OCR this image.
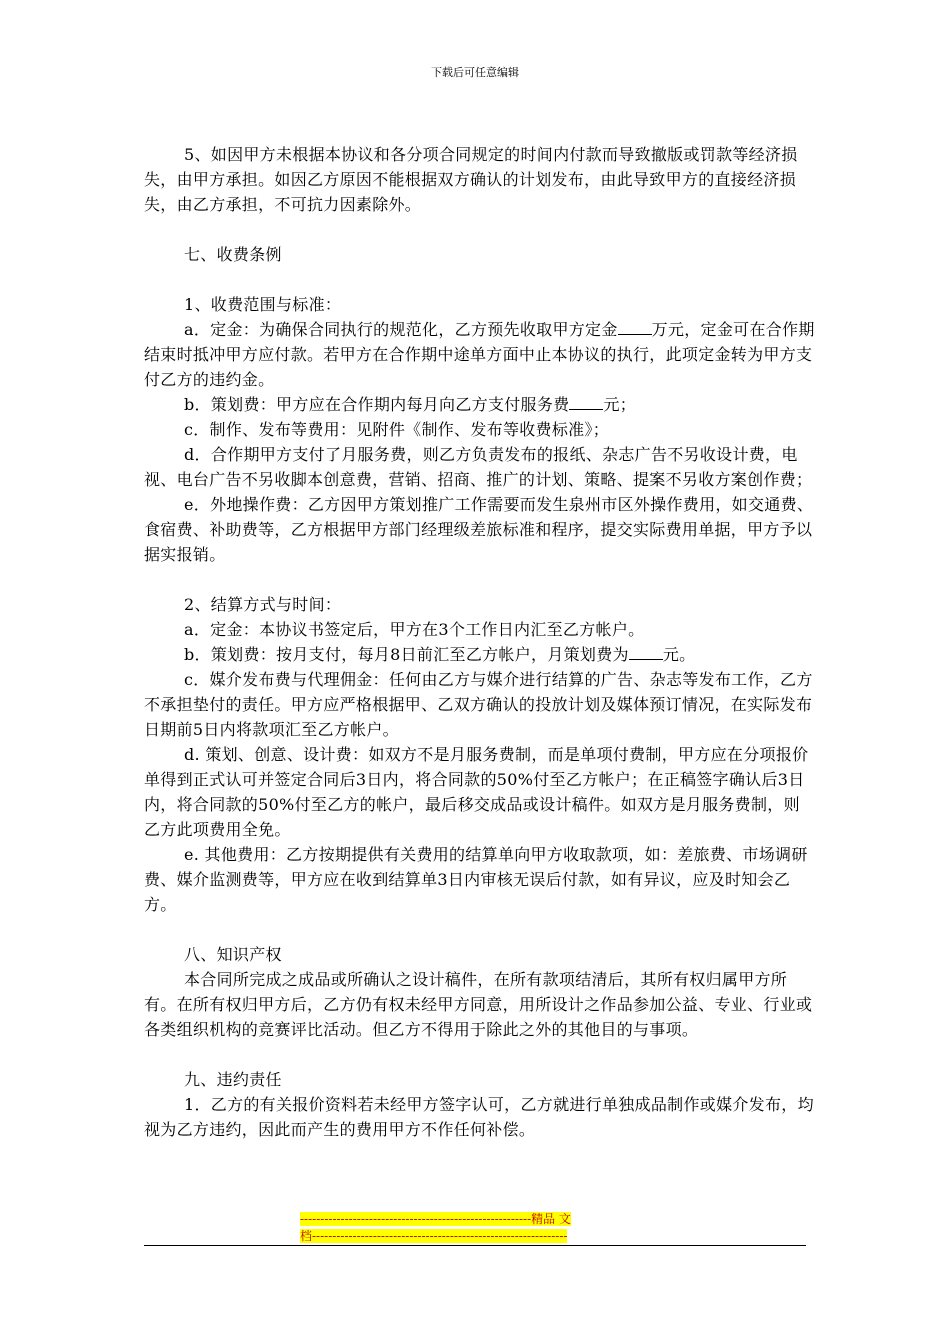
下载后可任意编辑

5、如因甲方未根据本协议和各分项合同规定的时间内付款而导致撤版或罚款等经济损失，由甲方承担。如因乙方原因不能根据双方确认的计划发布，由此导致甲方的直接经济损失，由乙方承担，不可抗力因素除外。

七、收费条例

1、收费范围与标准：

a．定金：为确保合同执行的规范化，乙方预先收取甲方定金 万元，定金可在合作期结束时抵冲甲方应付款。若甲方在合作期中途单方面中止本协议的执行，此项定金转为甲方支付乙方的违约金。

b．策划费：甲方应在合作期内每月向乙方支付服务费 元；

c．制作、发布等费用：见附件《制作、发布等收费标准》；

d．合作期甲方支付了月服务费，则乙方负责发布的报纸、杂志广告不另收设计费，电视、电台广告不另收脚本创意费，营销、招商、推广的计划、策略、提案不另收方案创作费；

e．外地操作费：乙方因甲方策划推广工作需要而发生泉州市区外操作费用，如交通费、食宿费、补助费等，乙方根据甲方部门经理级差旅标准和程序，提交实际费用单据，甲方予以据实报销。

2、结算方式与时间：

a．定金：本协议书签定后，甲方在3个工作日内汇至乙方帐户。

b．策划费：按月支付，每月8日前汇至乙方帐户，月策划费为 元。

c．媒介发布费与代理佣金：任何由乙方与媒介进行结算的广告、杂志等发布工作，乙方不承担垫付的责任。甲方应严格根据甲、乙双方确认的投放计划及媒体预订情况，在实际发布日期前5日内将款项汇至乙方帐户。

d. 策划、创意、设计费：如双方不是月服务费制，而是单项付费制，甲方应在分项报价单得到正式认可并签定合同后3日内，将合同款的50%付至乙方帐户；在正稿签字确认后3日内，将合同款的50%付至乙方的帐户，最后移交成品或设计稿件。如双方是月服务费制，则乙方此项费用全免。

e. 其他费用：乙方按期提供有关费用的结算单向甲方收取款项，如：差旅费、市场调研费、媒介监测费等，甲方应在收到结算单3日内审核无误后付款，如有异议，应及时知会乙方。

八、知识产权

本合同所完成之成品或所确认之设计稿件，在所有款项结清后，其所有权归属甲方所有。在所有权归甲方后，乙方仍有权未经甲方同意，用所设计之作品参加公益、专业、行业或各类组织机构的竞赛评比活动。但乙方不得用于除此之外的其他目的与事项。

九、违约责任

1．乙方的有关报价资料若未经甲方签字认可，乙方就进行单独成品制作或媒介发布，均视为乙方违约，因此而产生的费用甲方不作任何补偿。

---------------------------------------------------------精品 文
档---------------------------------------------------------------
